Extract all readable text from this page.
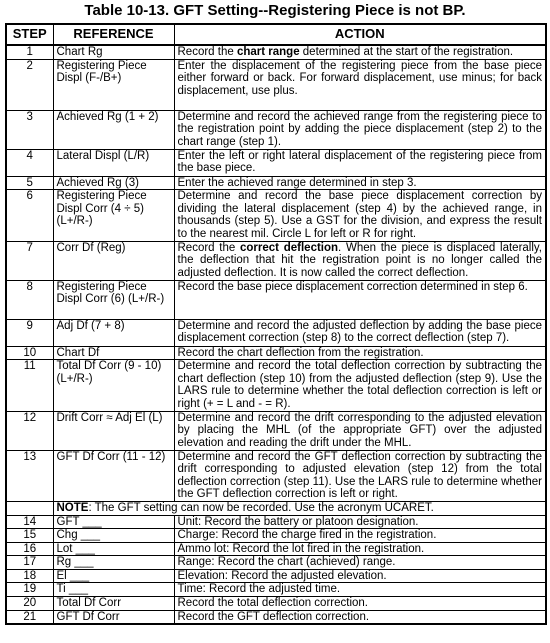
Table 10-13. GFT Setting--Registering Piece is not BP.
STEP	REFERENCE	ACTION
1	Chart Rg	Record the chart range determined at the start of the registration.
2	Registering Piece Displ (F-/B+)	Enter the displacement of the registering piece from the base piece either forward or back. For forward displacement, use minus; for back displacement, use plus.
3	Achieved Rg (1 + 2)	Determine and record the achieved range from the registering piece to the registration point by adding the piece displacement (step 2) to the chart range (step 1).
4	Lateral Displ (L/R)	Enter the left or right lateral displacement of the registering piece from the base piece.
5	Achieved Rg (3)	Enter the achieved range determined in step 3.
6	Registering Piece Displ Corr (4 ÷ 5)(L+/R-)	Determine and record the base piece displacement correction by dividing the lateral displacement (step 4) by the achieved range, in thousands (step 5). Use a GST for the division, and express the result to the nearest mil. Circle L for left or R for right.
7	Corr Df (Reg)	Record the correct deflection. When the piece is displaced laterally, the deflection that hit the registration point is no longer called the adjusted deflection. It is now called the correct deflection.
8	Registering Piece Displ Corr (6) (L+/R-)	Record the base piece displacement correction determined in step 6.
9	Adj Df (7 + 8)	Determine and record the adjusted deflection by adding the base piece displacement correction (step 8) to the correct deflection (step 7).
10	Chart Df	Record the chart deflection from the registration.
11	Total Df Corr (9 - 10) (L+/R-)	Determine and record the total deflection correction by subtracting the chart deflection (step 10) from the adjusted deflection (step 9). Use the LARS rule to determine whether the total deflection correction is left or right (+ = L and - = R).
12	Drift Corr ≈ Adj El (L)	Determine and record the drift corresponding to the adjusted elevation by placing the MHL (of the appropriate GFT) over the adjusted elevation and reading the drift under the MHL.
13	GFT Df Corr (11 - 12)	Determine and record the GFT deflection correction by subtracting the drift corresponding to adjusted elevation (step 12) from the total deflection correction (step 11). Use the LARS rule to determine whether the GFT deflection correction is left or right.
	NOTE: The GFT setting can now be recorded. Use the acronym UCARET.	
14	GFT ___	Unit: Record the battery or platoon designation.
15	Chg ___	Charge: Record the charge fired in the registration.
16	Lot ___	Ammo lot: Record the lot fired in the registration.
17	Rg ___	Range: Record the chart (achieved) range.
18	El ___	Elevation: Record the adjusted elevation.
19	Ti ___	Time: Record the adjusted time.
20	Total Df Corr	Record the total deflection correction.
21	GFT Df Corr	Record the GFT deflection correction.
